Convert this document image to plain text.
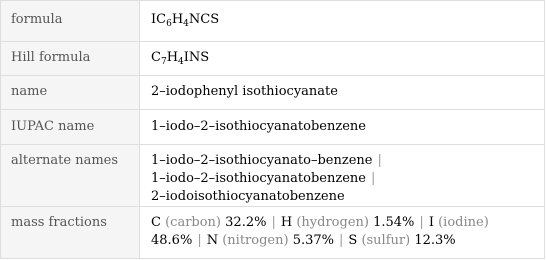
formula	$IC_6H_4NCS$

Hill formula	$C_7H_4INS$

name	2–iodophenyl isothiocyanate

IUPAC name	1–iodo–2–isothiocyanatobenzene

alternate names	1–iodo–2–isothiocyanato–benzene |
1–iodo–2–isothiocyanatobenzene |
2–iodoisothiocyanatobenzene

mass fractions	C (carbon) 32.2% | H (hydrogen) 1.54% | I (iodine)
48.6% | N (nitrogen) 5.37% | S (sulfur) 12.3%
